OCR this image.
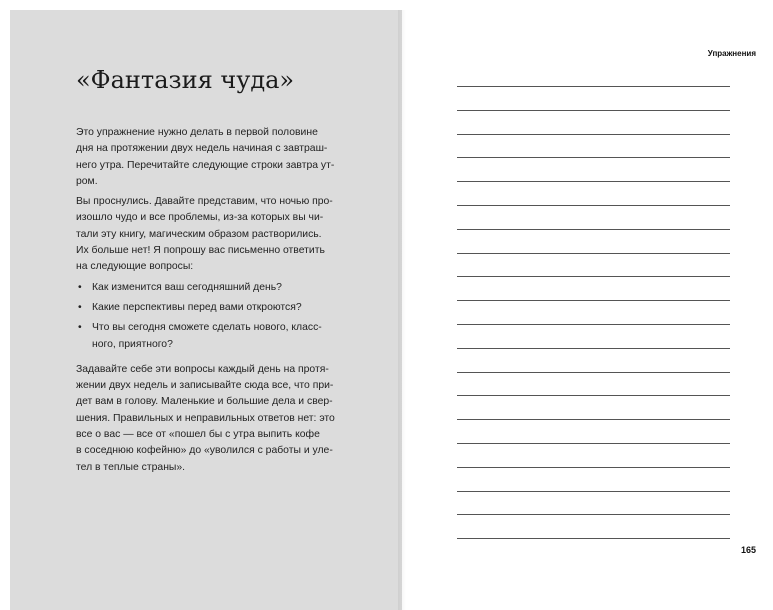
«Фантазия чуда»
Это упражнение нужно делать в первой половине
дня на протяжении двух недель начиная с завтраш-
него утра. Перечитайте следующие строки завтра ут-
ром.
Вы проснулись. Давайте представим, что ночью про-
изошло чудо и все проблемы, из-за которых вы чи-
тали эту книгу, магическим образом растворились.
Их больше нет! Я попрошу вас письменно ответить
на следующие вопросы:
• Как изменится ваш сегодняшний день?
• Какие перспективы перед вами откроются?
• Что вы сегодня сможете сделать нового, класс-
ного, приятного?
Задавайте себе эти вопросы каждый день на протя-
жении двух недель и записывайте сюда все, что при-
дет вам в голову. Маленькие и большие дела и свер-
шения. Правильных и неправильных ответов нет: это
все о вас — все от «пошел бы с утра выпить кофе
в соседнюю кофейню» до «уволился с работы и уле-
тел в теплые страны».
Упражнения
165
